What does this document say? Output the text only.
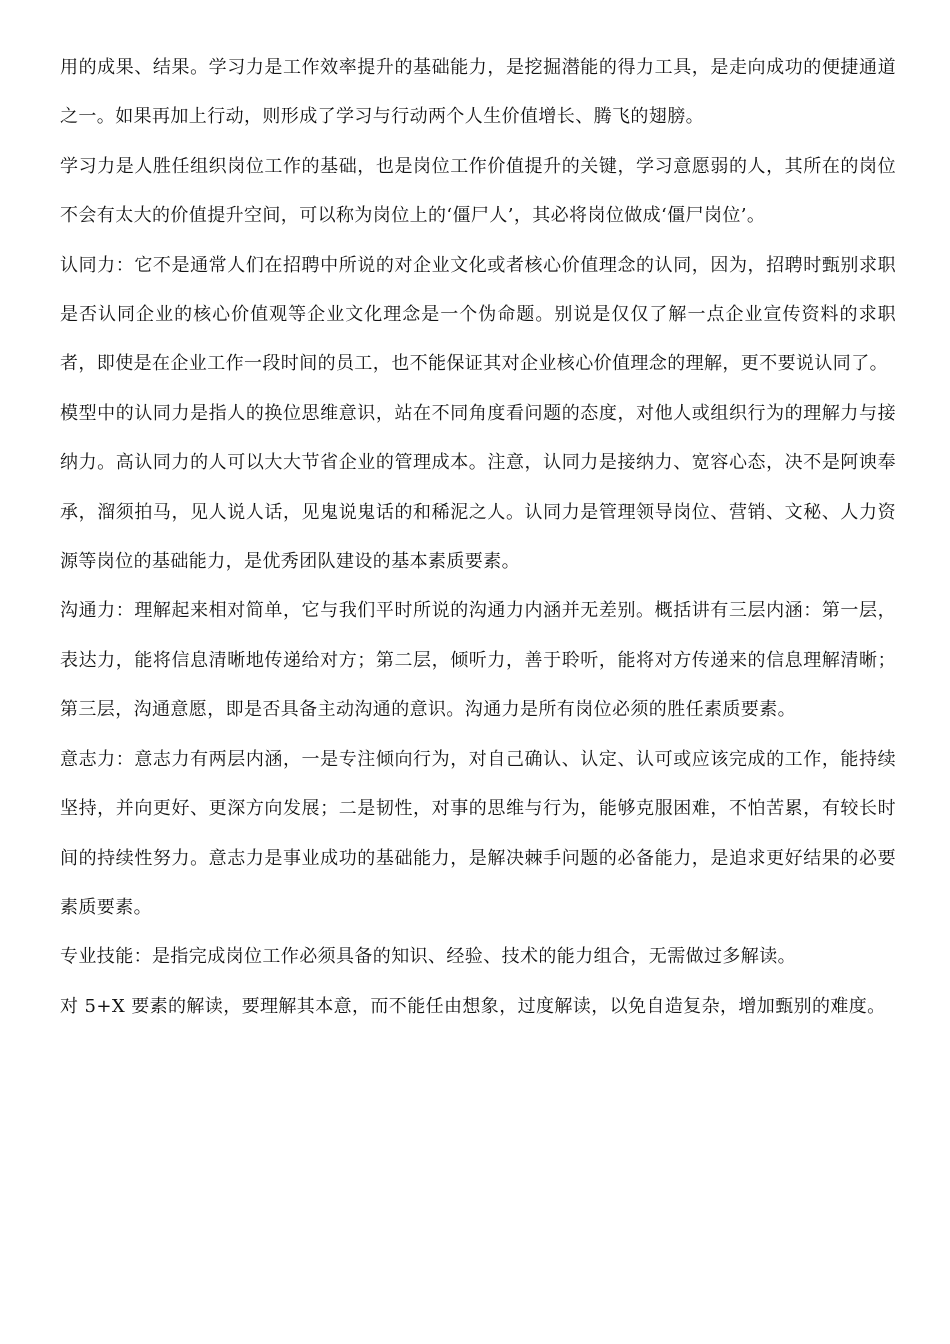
用的成果、结果。学习力是工作效率提升的基础能力，是挖掘潜能的得力工具，是走向成功的便捷通道之一。如果再加上行动，则形成了学习与行动两个人生价值增长、腾飞的翅膀。

学习力是人胜任组织岗位工作的基础，也是岗位工作价值提升的关键，学习意愿弱的人，其所在的岗位不会有太大的价值提升空间，可以称为岗位上的‘僵尸人’，其必将岗位做成‘僵尸岗位’。

认同力：它不是通常人们在招聘中所说的对企业文化或者核心价值理念的认同，因为，招聘时甄别求职是否认同企业的核心价值观等企业文化理念是一个伪命题。别说是仅仅了解一点企业宣传资料的求职者，即使是在企业工作一段时间的员工，也不能保证其对企业核心价值理念的理解，更不要说认同了。

模型中的认同力是指人的换位思维意识，站在不同角度看问题的态度，对他人或组织行为的理解力与接纳力。高认同力的人可以大大节省企业的管理成本。注意，认同力是接纳力、宽容心态，决不是阿谀奉承，溜须拍马，见人说人话，见鬼说鬼话的和稀泥之人。认同力是管理领导岗位、营销、文秘、人力资源等岗位的基础能力，是优秀团队建设的基本素质要素。

沟通力：理解起来相对简单，它与我们平时所说的沟通力内涵并无差别。概括讲有三层内涵：第一层，表达力，能将信息清晰地传递给对方；第二层，倾听力，善于聆听，能将对方传递来的信息理解清晰；第三层，沟通意愿，即是否具备主动沟通的意识。沟通力是所有岗位必须的胜任素质要素。

意志力：意志力有两层内涵，一是专注倾向行为，对自己确认、认定、认可或应该完成的工作，能持续坚持，并向更好、更深方向发展；二是韧性，对事的思维与行为，能够克服困难，不怕苦累，有较长时间的持续性努力。意志力是事业成功的基础能力，是解决棘手问题的必备能力，是追求更好结果的必要素质要素。

专业技能：是指完成岗位工作必须具备的知识、经验、技术的能力组合，无需做过多解读。

对 5+X 要素的解读，要理解其本意，而不能任由想象，过度解读，以免自造复杂，增加甄别的难度。
